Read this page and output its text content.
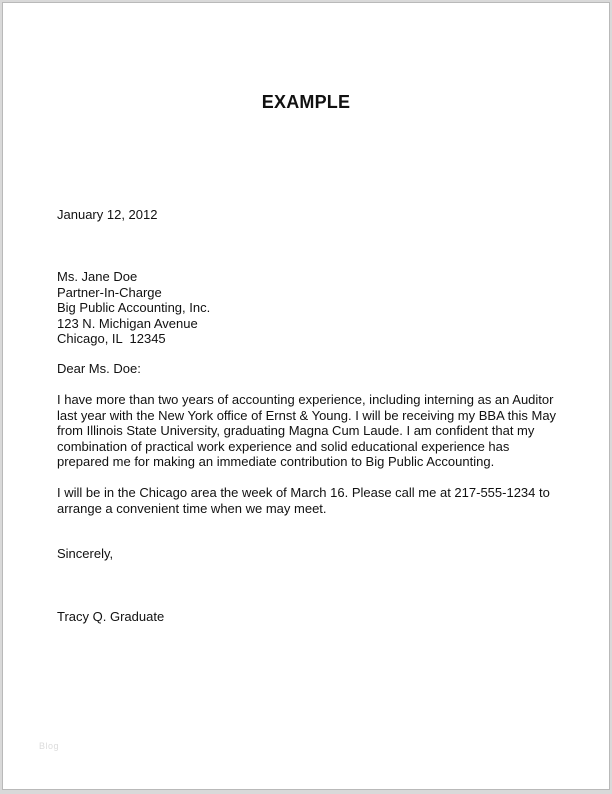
EXAMPLE
January 12, 2012

Ms. Jane Doe

Partner-In-Charge

Big Public Accounting, Inc.

123 N. Michigan Avenue

Chicago, IL  12345

Dear Ms. Doe:

I have more than two years of accounting experience, including interning as an Auditor

last year with the New York office of Ernst & Young. I will be receiving my BBA this May

from Illinois State University, graduating Magna Cum Laude. I am confident that my

combination of practical work experience and solid educational experience has

prepared me for making an immediate contribution to Big Public Accounting.

I will be in the Chicago area the week of March 16. Please call me at 217-555-1234 to

arrange a convenient time when we may meet.

Sincerely,
Tracy Q. Graduate
Blog
